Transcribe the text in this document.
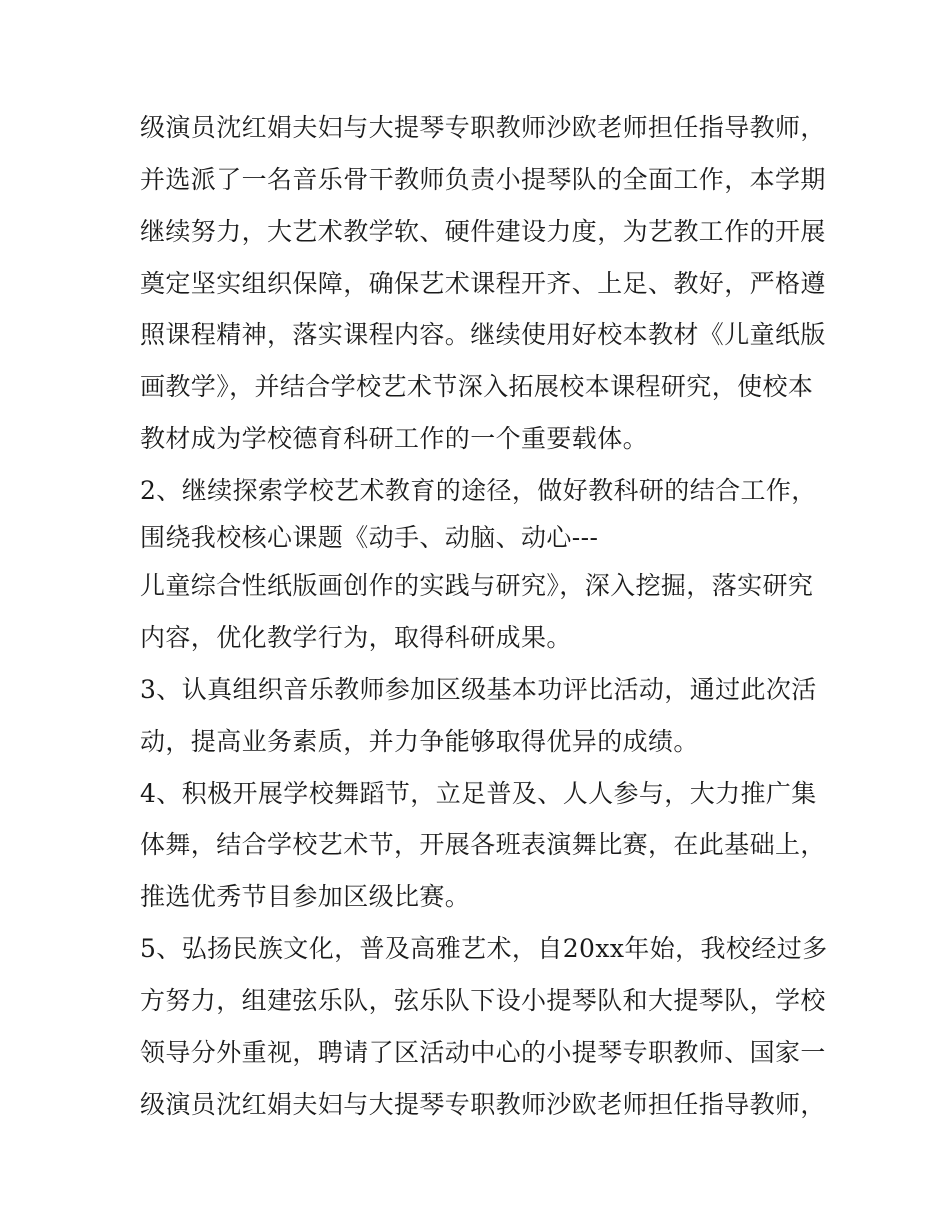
级演员沈红娟夫妇与大提琴专职教师沙欧老师担任指导教师，
并选派了一名音乐骨干教师负责小提琴队的全面工作，本学期
继续努力，大艺术教学软、硬件建设力度，为艺教工作的开展
奠定坚实组织保障，确保艺术课程开齐、上足、教好，严格遵
照课程精神，落实课程内容。继续使用好校本教材《儿童纸版
画教学》，并结合学校艺术节深入拓展校本课程研究，使校本
教材成为学校德育科研工作的一个重要载体。
2、继续探索学校艺术教育的途径，做好教科研的结合工作，
围绕我校核心课题《动手、动脑、动心---
儿童综合性纸版画创作的实践与研究》，深入挖掘，落实研究
内容，优化教学行为，取得科研成果。
3、认真组织音乐教师参加区级基本功评比活动，通过此次活
动，提高业务素质，并力争能够取得优异的成绩。
4、积极开展学校舞蹈节，立足普及、人人参与，大力推广集
体舞，结合学校艺术节，开展各班表演舞比赛，在此基础上，
推选优秀节目参加区级比赛。
5、弘扬民族文化，普及高雅艺术，自20xx年始，我校经过多
方努力，组建弦乐队，弦乐队下设小提琴队和大提琴队，学校
领导分外重视，聘请了区活动中心的小提琴专职教师、国家一
级演员沈红娟夫妇与大提琴专职教师沙欧老师担任指导教师，
